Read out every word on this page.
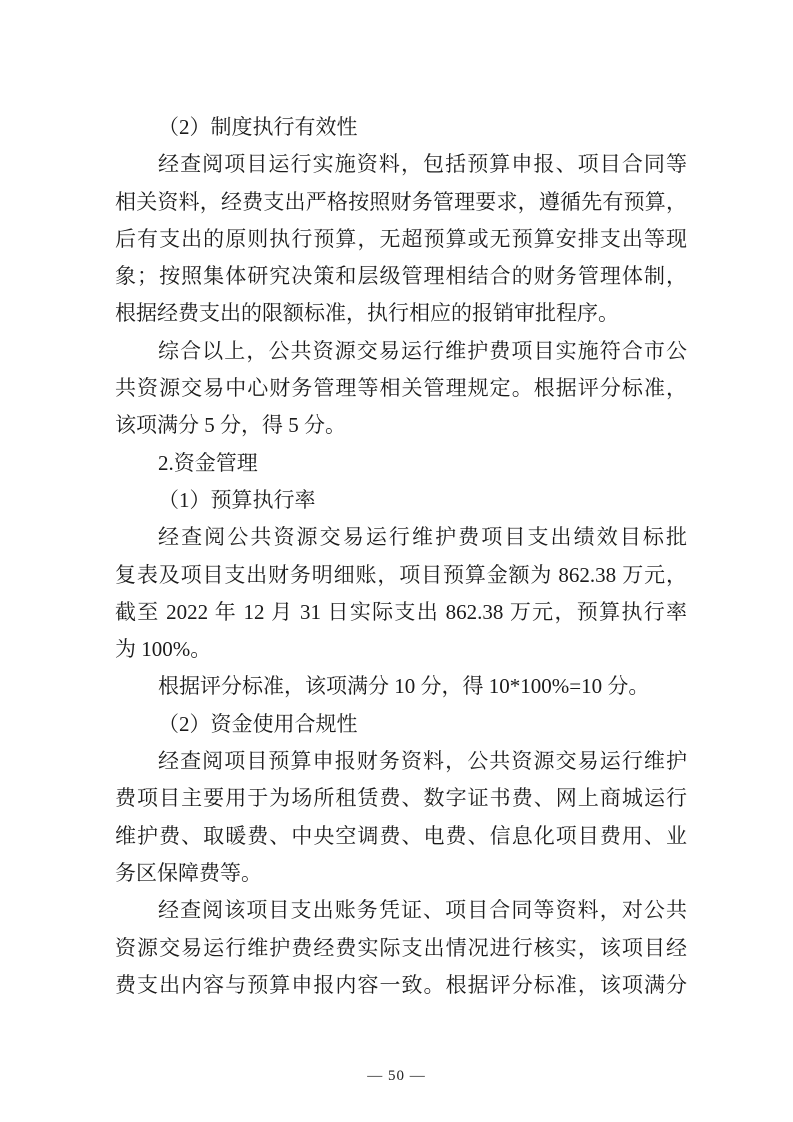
（2）制度执行有效性
经查阅项目运行实施资料，包括预算申报、项目合同等
相关资料，经费支出严格按照财务管理要求，遵循先有预算，
后有支出的原则执行预算，无超预算或无预算安排支出等现
象；按照集体研究决策和层级管理相结合的财务管理体制，
根据经费支出的限额标准，执行相应的报销审批程序。
综合以上，公共资源交易运行维护费项目实施符合市公
共资源交易中心财务管理等相关管理规定。根据评分标准，
该项满分 5 分，得 5 分。
2.资金管理
（1）预算执行率
经查阅公共资源交易运行维护费项目支出绩效目标批
复表及项目支出财务明细账，项目预算金额为 862.38 万元，
截至 2022 年 12 月 31 日实际支出 862.38 万元，预算执行率
为 100%。
根据评分标准，该项满分 10 分，得 10*100%=10 分。
（2）资金使用合规性
经查阅项目预算申报财务资料，公共资源交易运行维护
费项目主要用于为场所租赁费、数字证书费、网上商城运行
维护费、取暖费、中央空调费、电费、信息化项目费用、业
务区保障费等。
经查阅该项目支出账务凭证、项目合同等资料，对公共
资源交易运行维护费经费实际支出情况进行核实，该项目经
费支出内容与预算申报内容一致。根据评分标准，该项满分
— 50 —
